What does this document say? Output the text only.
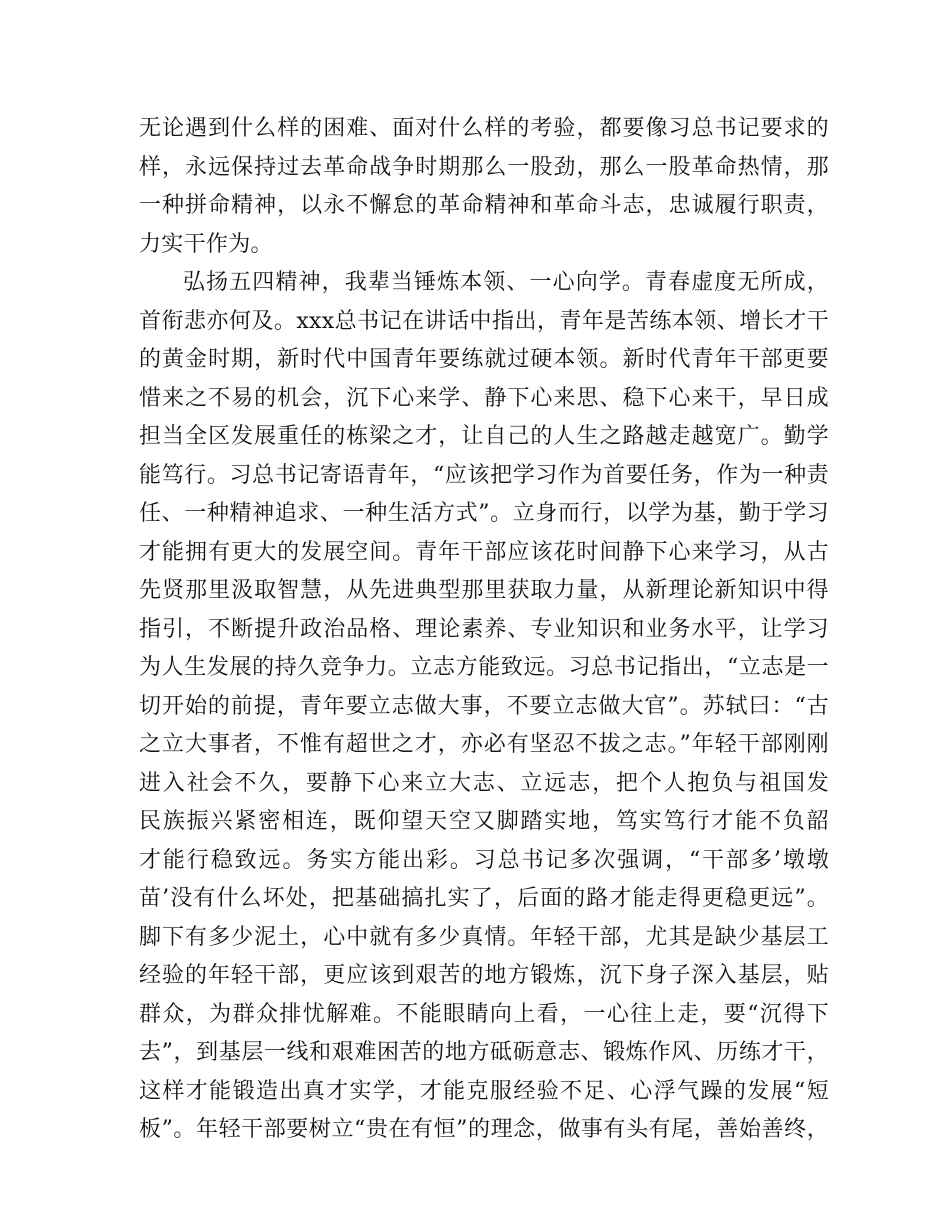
无论遇到什么样的困难、面对什么样的考验，都要像习总书记要求的
样，永远保持过去革命战争时期那么一股劲，那么一股革命热情，那
一种拼命精神，以永不懈怠的革命精神和革命斗志，忠诚履行职责，
力实干作为。
弘扬五四精神，我辈当锤炼本领、一心向学。青春虚度无所成，
首衔悲亦何及。xxx总书记在讲话中指出，青年是苦练本领、增长才干
的黄金时期，新时代中国青年要练就过硬本领。新时代青年干部更要
惜来之不易的机会，沉下心来学、静下心来思、稳下心来干，早日成
担当全区发展重任的栋梁之才，让自己的人生之路越走越宽广。勤学
能笃行。习总书记寄语青年，“应该把学习作为首要任务，作为一种责
任、一种精神追求、一种生活方式”。立身而行，以学为基，勤于学习
才能拥有更大的发展空间。青年干部应该花时间静下心来学习，从古
先贤那里汲取智慧，从先进典型那里获取力量，从新理论新知识中得
指引，不断提升政治品格、理论素养、专业知识和业务水平，让学习
为人生发展的持久竞争力。立志方能致远。习总书记指出，“立志是一
切开始的前提，青年要立志做大事，不要立志做大官”。苏轼曰：“古
之立大事者，不惟有超世之才，亦必有坚忍不拔之志。”年轻干部刚刚
进入社会不久，要静下心来立大志、立远志，把个人抱负与祖国发
民族振兴紧密相连，既仰望天空又脚踏实地，笃实笃行才能不负韶
才能行稳致远。务实方能出彩。习总书记多次强调，“干部多’墩墩
苗’没有什么坏处，把基础搞扎实了，后面的路才能走得更稳更远”。
脚下有多少泥土，心中就有多少真情。年轻干部，尤其是缺少基层工
经验的年轻干部，更应该到艰苦的地方锻炼，沉下身子深入基层，贴
群众，为群众排忧解难。不能眼睛向上看，一心往上走，要“沉得下
去”，到基层一线和艰难困苦的地方砥砺意志、锻炼作风、历练才干，
这样才能锻造出真才实学，才能克服经验不足、心浮气躁的发展“短
板”。年轻干部要树立“贵在有恒”的理念，做事有头有尾，善始善终，
